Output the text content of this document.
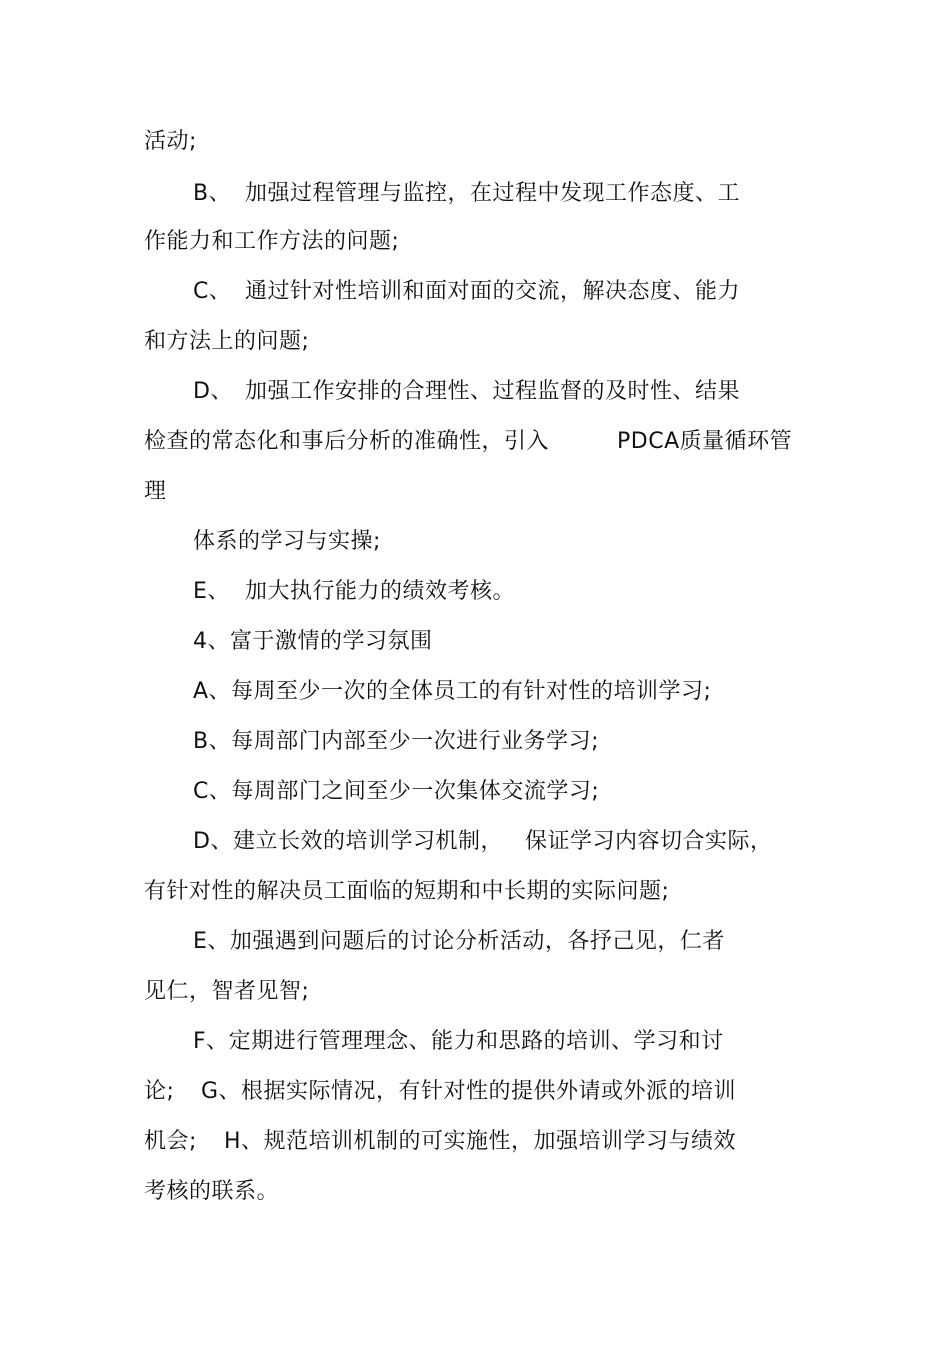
活动;
B、 加强过程管理与监控，在过程中发现工作态度、工
作能力和工作方法的问题;
C、 通过针对性培训和面对面的交流，解决态度、能力
和方法上的问题;
D、 加强工作安排的合理性、过程监督的及时性、结果
检查的常态化和事后分析的准确性，引入	PDCA质量循环管
理
体系的学习与实操;
E、 加大执行能力的绩效考核。
4、富于激情的学习氛围
A、每周至少一次的全体员工的有针对性的培训学习;
B、每周部门内部至少一次进行业务学习;
C、每周部门之间至少一次集体交流学习;
D、建立长效的培训学习机制， 保证学习内容切合实际，
有针对性的解决员工面临的短期和中长期的实际问题;
E、加强遇到问题后的讨论分析活动，各抒己见，仁者
见仁，智者见智;
F、定期进行管理理念、能力和思路的培训、学习和讨
论; G、根据实际情况，有针对性的提供外请或外派的培训
机会; H、规范培训机制的可实施性，加强培训学习与绩效
考核的联系。
